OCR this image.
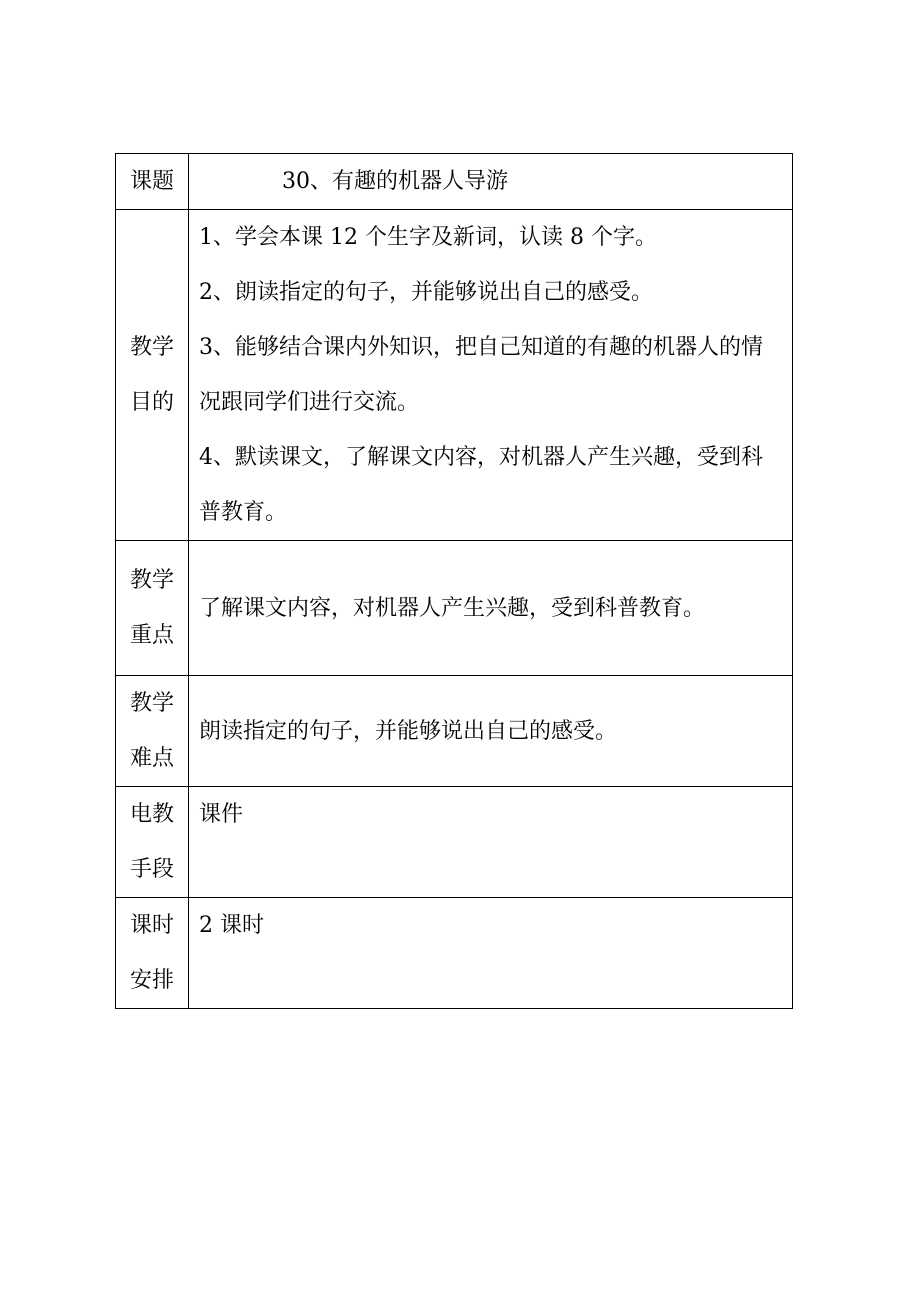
课题	30、有趣的机器人导游

教学目的	1、学会本课 12 个生字及新词，认读 8 个字。
2、朗读指定的句子，并能够说出自己的感受。
3、能够结合课内外知识，把自己知道的有趣的机器人的情况跟同学们进行交流。
4、默读课文，了解课文内容，对机器人产生兴趣，受到科普教育。

教学重点	了解课文内容，对机器人产生兴趣，受到科普教育。

教学难点	朗读指定的句子，并能够说出自己的感受。

电教手段	课件

课时安排	2 课时
